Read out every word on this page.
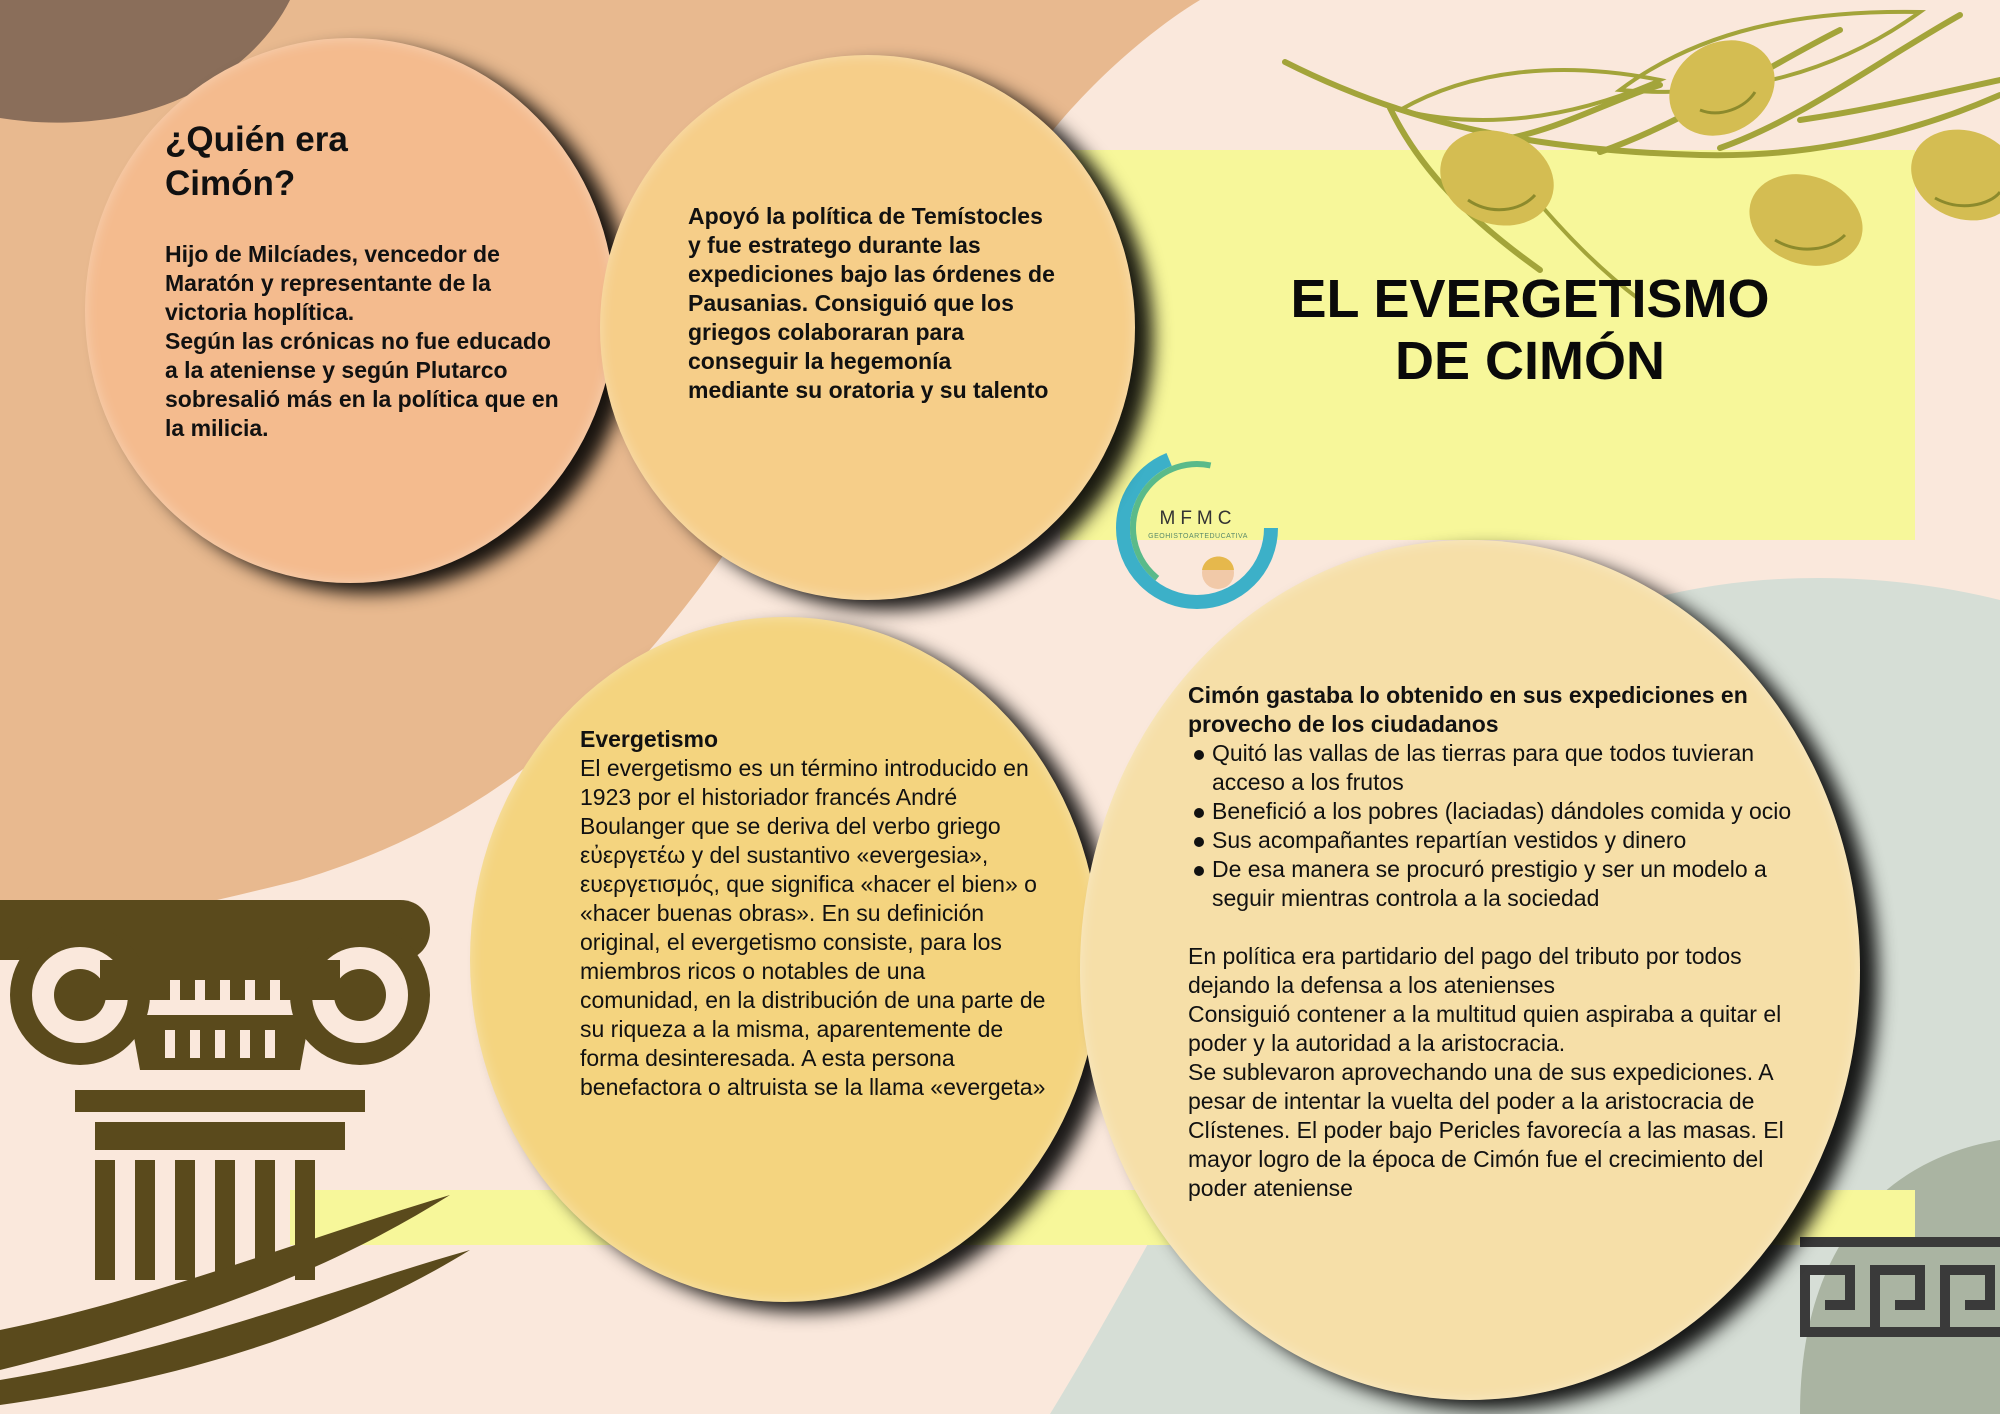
MFMC
GEOHISTOARTEDUCATIVA
EL EVERGETISMO
DE CIMÓN
¿Quién era
Cimón?
Hijo de Milcíades, vencedor de Maratón y representante de la victoria hoplítica.
Según las crónicas no fue educado a la ateniense y según Plutarco sobresalió más en la política que en la milicia.
Apoyó la política de Temístocles y fue estratego durante las expediciones bajo las órdenes de Pausanias. Consiguió que los griegos colaboraran para conseguir la hegemonía mediante su oratoria y su talento
Evergetismo
El evergetismo es un término introducido en 1923 por el historiador francés André Boulanger que se deriva del verbo griego εὐεργετέω y del sustantivo «evergesia», ευεργετισμός, que significa «hacer el bien» o «hacer buenas obras». En su definición original, el evergetismo consiste, para los miembros ricos o notables de una comunidad, en la distribución de una parte de su riqueza a la misma, aparentemente de forma desinteresada. A esta persona benefactora o altruista se la llama «evergeta»
Cimón gastaba lo obtenido en sus expediciones en provecho de los ciudadanos
Quitó las vallas de las tierras para que todos tuvieran acceso a los frutos
Benefició a los pobres (laciadas) dándoles comida y ocio
Sus acompañantes repartían vestidos y dinero
De esa manera se procuró prestigio y ser un modelo a seguir mientras controla a la sociedad
En política era partidario del pago del tributo por todos dejando la defensa a los atenienses
Consiguió contener a la multitud quien aspiraba a quitar el poder y la autoridad a la aristocracia.
Se sublevaron aprovechando una de sus expediciones. A pesar de intentar la vuelta del poder a la aristocracia de Clístenes. El poder bajo Pericles favorecía a las masas. El mayor logro de la época de Cimón fue el crecimiento del poder ateniense
